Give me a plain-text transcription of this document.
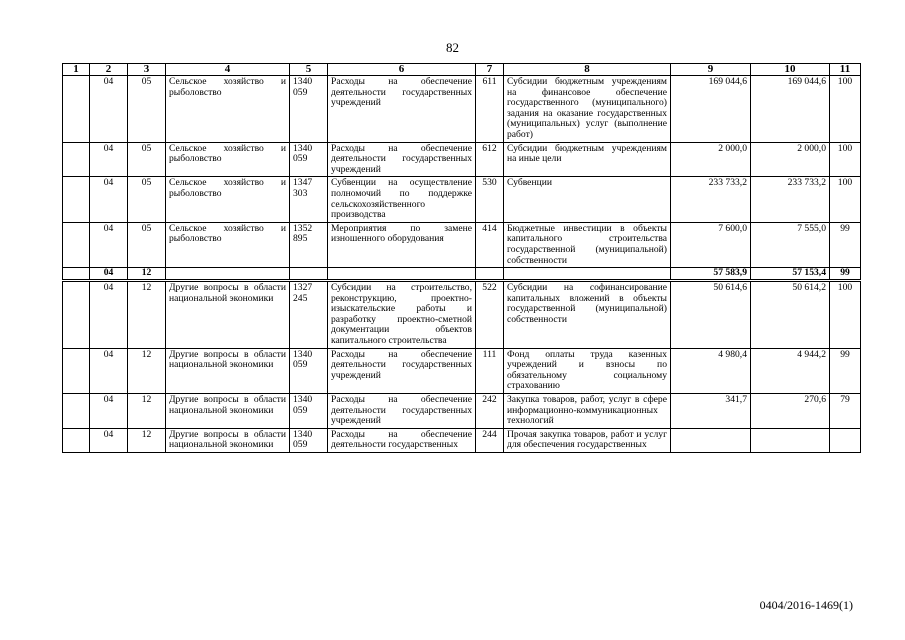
82
1	2	3	4	5	6	7	8	9	10	11
	04	05	Сельское хозяйство и рыболовство	1340 059	Расходы на обеспечение деятельности государственных учреждений	611	Субсидии бюджетным учреждениям на финансовое обеспечение государственного (муниципального) задания на оказание государственных (муниципальных) услуг (выполнение работ)	169 044,6	169 044,6	100
	04	05	Сельское хозяйство и рыболовство	1340 059	Расходы на обеспечение деятельности государственных учреждений	612	Субсидии бюджетным учреждениям на иные цели	2 000,0	2 000,0	100
	04	05	Сельское хозяйство и рыболовство	1347 303	Субвенции на осуществление полномочий по поддержке сельскохозяйственного производства	530	Субвенции	233 733,2	233 733,2	100
	04	05	Сельское хозяйство и рыболовство	1352 895	Мероприятия по замене изношенного оборудования	414	Бюджетные инвестиции в объекты капитального строительства государственной (муниципальной) собственности	7 600,0	7 555,0	99
	04	12						57 583,9	57 153,4	99
	04	12	Другие вопросы в области национальной экономики	1327 245	Субсидии на строительство, реконструкцию, проектно-изыскательские работы и разработку проектно-сметной документации объектов капитального строительства	522	Субсидии на софинансирование капитальных вложений в объекты государственной (муниципальной) собственности	50 614,6	50 614,2	100
	04	12	Другие вопросы в области национальной экономики	1340 059	Расходы на обеспечение деятельности государственных учреждений	111	Фонд оплаты труда казенных учреждений и взносы по обязательному социальному страхованию	4 980,4	4 944,2	99
	04	12	Другие вопросы в области национальной экономики	1340 059	Расходы на обеспечение деятельности государственных учреждений	242	Закупка товаров, работ, услуг в сфере информационно-коммуникационных технологий	341,7	270,6	79
	04	12	Другие вопросы в области национальной экономики	1340 059	Расходы на обеспечение деятельности государственных	244	Прочая закупка товаров, работ и услуг для обеспечения государственных			
0404/2016-1469(1)
